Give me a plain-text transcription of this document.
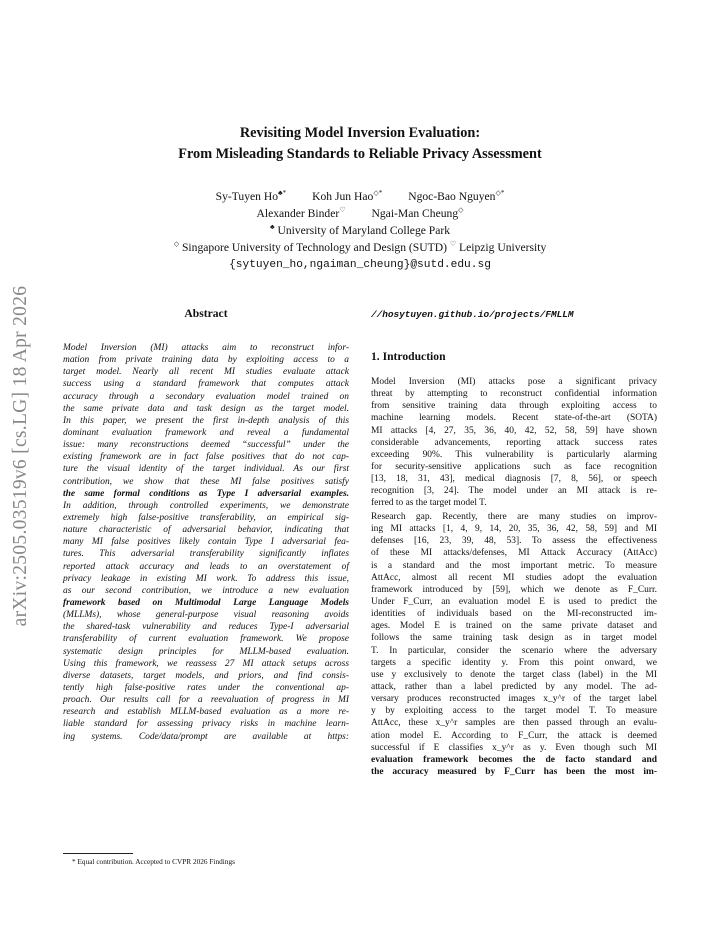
arXiv:2505.03519v6 [cs.LG] 18 Apr 2026
Revisiting Model Inversion Evaluation:
From Misleading Standards to Reliable Privacy Assessment
Sy-Tuyen Ho♣* Koh Jun Hao◇* Ngoc-Bao Nguyen◇*
Alexander Binder♡ Ngai-Man Cheung◇
♣ University of Maryland College Park
◇ Singapore University of Technology and Design (SUTD) ♡ Leipzig University
{sytuyen_ho,ngaiman_cheung}@sutd.edu.sg
Abstract
Model Inversion (MI) attacks aim to reconstruct infor-
mation from private training data by exploiting access to a
target model. Nearly all recent MI studies evaluate attack
success using a standard framework that computes attack
accuracy through a secondary evaluation model trained on
the same private data and task design as the target model.
In this paper, we present the first in-depth analysis of this
dominant evaluation framework and reveal a fundamental
issue: many reconstructions deemed “successful” under the
existing framework are in fact false positives that do not cap-
ture the visual identity of the target individual. As our first
contribution, we show that these MI false positives satisfy
the same formal conditions as Type I adversarial examples.
In addition, through controlled experiments, we demonstrate
extremely high false-positive transferability, an empirical sig-
nature characteristic of adversarial behavior, indicating that
many MI false positives likely contain Type I adversarial fea-
tures. This adversarial transferability significantly inflates
reported attack accuracy and leads to an overstatement of
privacy leakage in existing MI work. To address this issue,
as our second contribution, we introduce a new evaluation
framework based on Multimodal Large Language Models
(MLLMs), whose general-purpose visual reasoning avoids
the shared-task vulnerability and reduces Type-I adversarial
transferability of current evaluation framework. We propose
systematic design principles for MLLM-based evaluation.
Using this framework, we reassess 27 MI attack setups across
diverse datasets, target models, and priors, and find consis-
tently high false-positive rates under the conventional ap-
proach. Our results call for a reevaluation of progress in MI
research and establish MLLM-based evaluation as a more re-
liable standard for assessing privacy risks in machine learn-
ing systems. Code/data/prompt are available at https:
* Equal contribution. Accepted to CVPR 2026 Findings
//hosytuyen.github.io/projects/FMLLM
1. Introduction
Model Inversion (MI) attacks pose a significant privacy
threat by attempting to reconstruct confidential information
from sensitive training data through exploiting access to
machine learning models. Recent state-of-the-art (SOTA)
MI attacks [4, 27, 35, 36, 40, 42, 52, 58, 59] have shown
considerable advancements, reporting attack success rates
exceeding 90%. This vulnerability is particularly alarming
for security-sensitive applications such as face recognition
[13, 18, 31, 43], medical diagnosis [7, 8, 56], or speech
recognition [3, 24]. The model under an MI attack is re-
ferred to as the target model T.
Research gap. Recently, there are many studies on improv-
ing MI attacks [1, 4, 9, 14, 20, 35, 36, 42, 58, 59] and MI
defenses [16, 23, 39, 48, 53]. To assess the effectiveness
of these MI attacks/defenses, MI Attack Accuracy (AttAcc)
is a standard and the most important metric. To measure
AttAcc, almost all recent MI studies adopt the evaluation
framework introduced by [59], which we denote as F_Curr.
Under F_Curr, an evaluation model E is used to predict the
identities of individuals based on the MI-reconstructed im-
ages. Model E is trained on the same private dataset and
follows the same training task design as in target model
T. In particular, consider the scenario where the adversary
targets a specific identity y. From this point onward, we
use y exclusively to denote the target class (label) in the MI
attack, rather than a label predicted by any model. The ad-
versary produces reconstructed images x_y^r of the target label
y by exploiting access to the target model T. To measure
AttAcc, these x_y^r samples are then passed through an evalu-
ation model E. According to F_Curr, the attack is deemed
successful if E classifies x_y^r as y. Even though such MI
evaluation framework becomes the de facto standard and
the accuracy measured by F_Curr has been the most im-
